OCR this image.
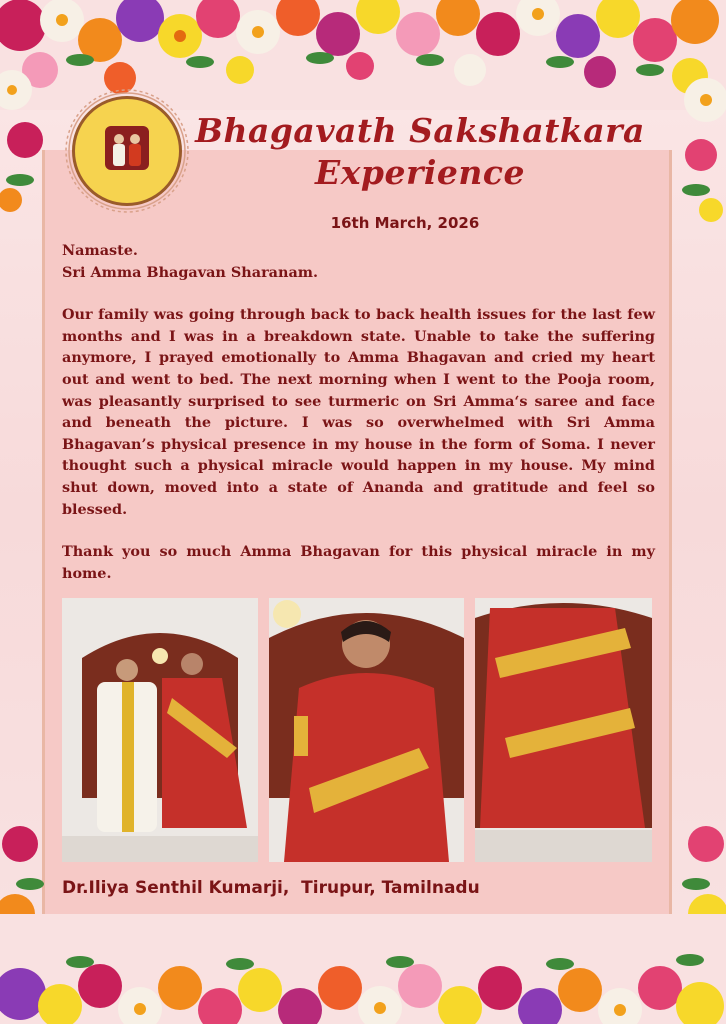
Bhagavath Sakshatkara
Experience
16th March, 2026

Namaste.

Sri Amma Bhagavan Sharanam.

Our family was going through back to back health issues for the last few months and I was in a breakdown state. Unable to take the suffering anymore, I prayed emotionally to Amma Bhagavan and cried my heart out and went to bed. The next morning when I went to the Pooja room, was pleasantly surprised to see turmeric on Sri Amma‘s saree and face and beneath the picture. I was so overwhelmed with Sri Amma Bhagavan’s physical presence in my house in the form of Soma. I never thought such a physical miracle would happen in my house. My mind shut down, moved into a state of Ananda and gratitude and feel so blessed.

Thank you so much Amma Bhagavan for this physical miracle in my home.

Dr.Iliya Senthil Kumarji,  Tirupur, Tamilnadu
